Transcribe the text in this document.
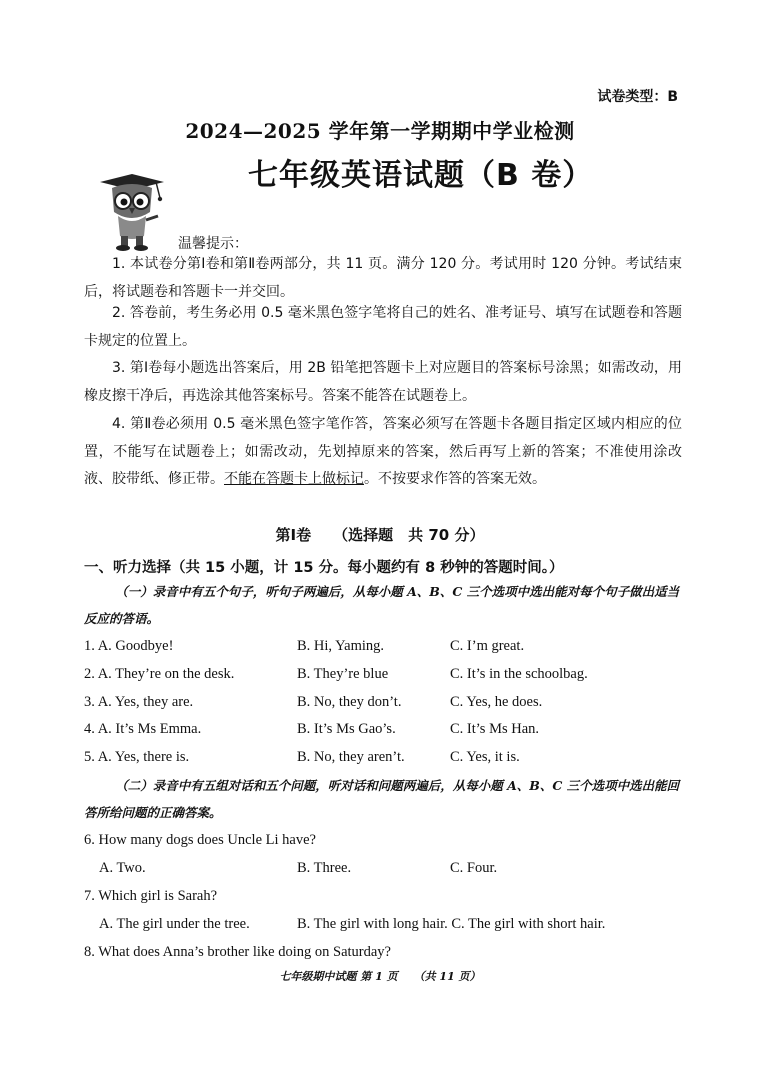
试卷类型：B
2024—2025 学年第一学期期中学业检测
七年级英语试题（B 卷）
温馨提示：
1. 本试卷分第Ⅰ卷和第Ⅱ卷两部分，共 11 页。满分 120 分。考试用时 120 分钟。考试结束后，将试题卷和答题卡一并交回。
2. 答卷前，考生务必用 0.5 毫米黑色签字笔将自己的姓名、准考证号、填写在试题卷和答题卡规定的位置上。
3. 第Ⅰ卷每小题选出答案后，用 2B 铅笔把答题卡上对应题目的答案标号涂黑；如需改动，用橡皮擦干净后，再选涂其他答案标号。答案不能答在试题卷上。
4. 第Ⅱ卷必须用 0.5 毫米黑色签字笔作答，答案必须写在答题卡各题目指定区域内相应的位置，不能写在试题卷上；如需改动，先划掉原来的答案，然后再写上新的答案；不准使用涂改液、胶带纸、修正带。不能在答题卡上做标记。不按要求作答的答案无效。
第Ⅰ卷 （选择题　共 70 分）
一、听力选择（共 15 小题，计 15 分。每小题约有 8 秒钟的答题时间。）
（一）录音中有五个句子，听句子两遍后，从每小题 A、B、C 三个选项中选出能对每个句子做出适当反应的答语。
1. A. Goodbye!	B. Hi, Yaming.	C. I’m great.
2. A. They’re on the desk.	B. They’re blue	C. It’s in the schoolbag.
3. A. Yes, they are.	B. No, they don’t.	C. Yes, he does.
4. A. It’s Ms Emma.	B. It’s Ms Gao’s.	C. It’s Ms Han.
5. A. Yes, there is.	B. No, they aren’t.	C. Yes, it is.
（二）录音中有五组对话和五个问题，听对话和问题两遍后，从每小题 A、B、C 三个选项中选出能回答所给问题的正确答案。
6. How many dogs does Uncle Li have?
A. Two.	B. Three.	C. Four.
7. Which girl is Sarah?
A. The girl under the tree.	B. The girl with long hair. C. The girl with short hair.
8. What does Anna’s brother like doing on Saturday?
七年级期中试题 第 1 页 （共 11 页）
